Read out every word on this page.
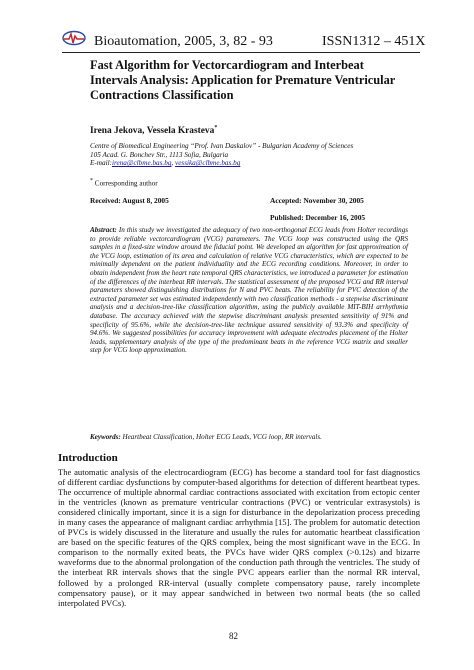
Bioautomation, 2005, 3, 82 - 93	ISSN1312 – 451X
Fast Algorithm for Vectorcardiogram and Interbeat Intervals Analysis: Application for Premature Ventricular Contractions Classification
Irena Jekova, Vessela Krasteva*
Centre of Biomedical Engineering “Prof. Ivan Daskalov” - Bulgarian Academy of Sciences
105 Acad. G. Bonchev Str., 1113 Sofia, Bulgaria
E-mail:irena@clbme.bas.bg, vessika@clbme.bas.bg
* Corresponding author
Received: August 8, 2005	Accepted: November 30, 2005
Published: December 16, 2005
Abstract: In this study we investigated the adequacy of two non-orthogonal ECG leads from Holter recordings to provide reliable vectorcardiogram (VCG) parameters. The VCG loop was constructed using the QRS samples in a fixed-size window around the fiducial point. We developed an algorithm for fast approximation of the VCG loop, estimation of its area and calculation of relative VCG characteristics, which are expected to be minimally dependent on the patient individuality and the ECG recording conditions. Moreover, in order to obtain independent from the heart rate temporal QRS characteristics, we introduced a parameter for estimation of the differences of the interbeat RR intervals. The statistical assessment of the proposed VCG and RR interval parameters showed distinguishing distributions for N and PVC beats. The reliability for PVC detection of the extracted parameter set was estimated independently with two classification methods - a stepwise discriminant analysis and a decision-tree-like classification algorithm, using the publicly available MIT-BIH arrhythmia database. The accuracy achieved with the stepwise discriminant analysis presented sensitivity of 91% and specificity of 95.6%, while the decision-tree-like technique assured sensitivity of 93.3% and specificity of 94.6%. We suggested possibilities for accuracy improvement with adequate electrodes placement of the Holter leads, supplementary analysis of the type of the predominant beats in the reference VCG matrix and smaller step for VCG loop approximation.
Keywords: Heartbeat Classification, Holter ECG Leads, VCG loop, RR intervals.
Introduction
The automatic analysis of the electrocardiogram (ECG) has become a standard tool for fast diagnostics of different cardiac dysfunctions by computer-based algorithms for detection of different heartbeat types. The occurrence of multiple abnormal cardiac contractions associated with excitation from ectopic center in the ventricles (known as premature ventricular contractions (PVC) or ventricular extrasystols) is considered clinically important, since it is a sign for disturbance in the depolarization process preceding in many cases the appearance of malignant cardiac arrhythmia [15]. The problem for automatic detection of PVCs is widely discussed in the literature and usually the rules for automatic heartbeat classification are based on the specific features of the QRS complex, being the most significant wave in the ECG. In comparison to the normally exited beats, the PVCs have wider QRS complex (>0.12s) and bizarre waveforms due to the abnormal prolongation of the conduction path through the ventricles. The study of the interbeat RR intervals shows that the single PVC appears earlier than the normal RR interval, followed by a prolonged RR-interval (usually complete compensatory pause, rarely incomplete compensatory pause), or it may appear sandwiched in between two normal beats (the so called interpolated PVCs).
82
